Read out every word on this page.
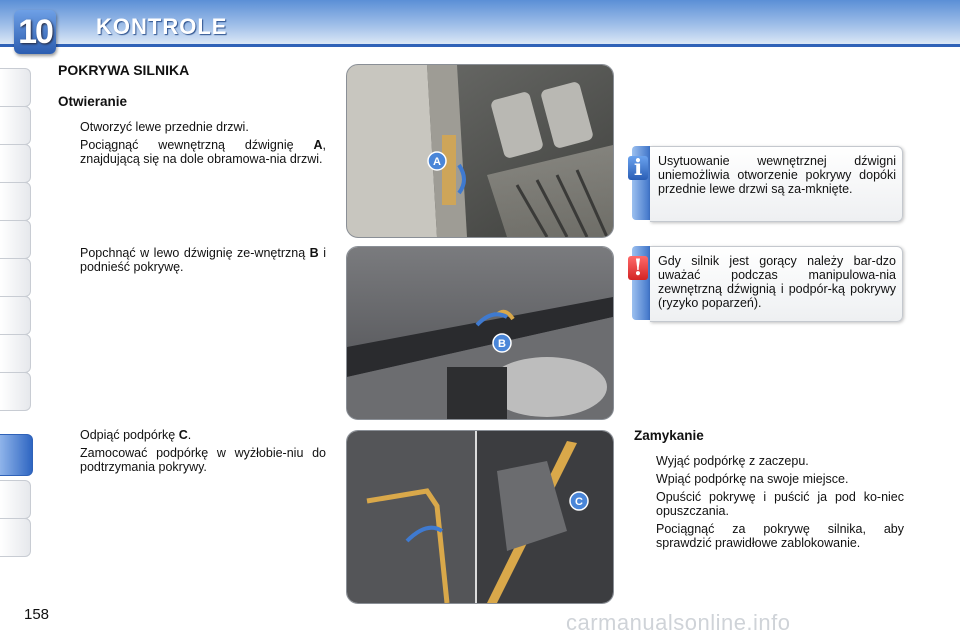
10 KONTROLE
158
POKRYWA SILNIKA
Otwieranie
Otworzyć lewe przednie drzwi.
Pociągnąć wewnętrzną dźwignię A, znajdującą się na dole obramowa-nia drzwi.
Popchnąć w lewo dźwignię ze-wnętrzną B i podnieść pokrywę.
Odpiąć podpórkę C.
Zamocować podpórkę w wyżłobie-niu do podtrzymania pokrywy.
A
B
C
i	Usytuowanie wewnętrznej dźwigni uniemożliwia otworzenie pokrywy dopóki przednie lewe drzwi są za-mknięte.
!	Gdy silnik jest gorący należy bar-dzo uważać podczas manipulowa-nia zewnętrzną dźwignią i podpór-ką pokrywy (ryzyko poparzeń).
Zamykanie
Wyjąć podpórkę z zaczepu.
Wpiąć podpórkę na swoje miejsce.
Opuścić pokrywę i puścić ja pod ko-niec opuszczania.
Pociągnąć za pokrywę silnika, aby sprawdzić prawidłowe zablokowanie.
carmanualsonline.info
